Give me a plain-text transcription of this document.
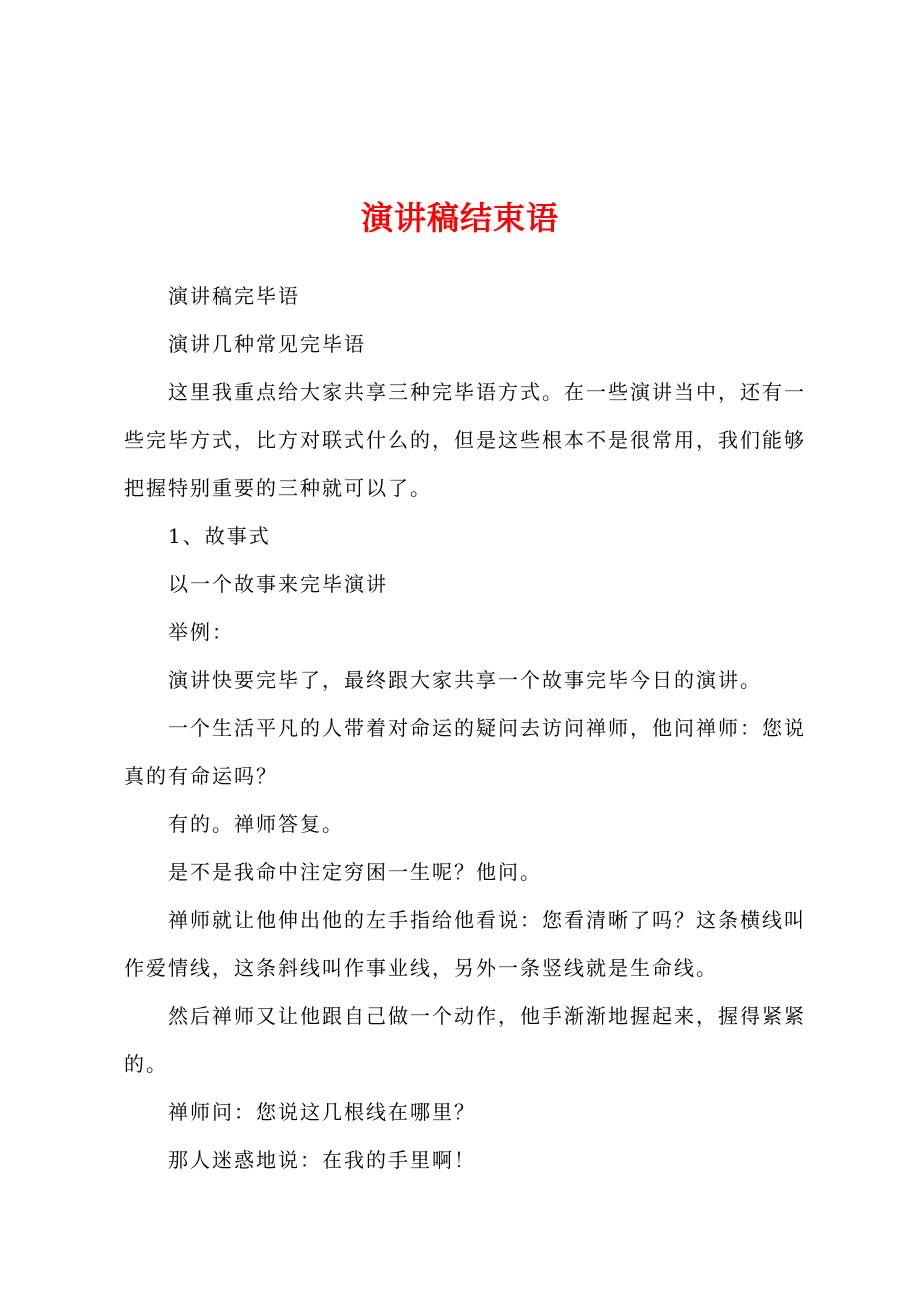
演讲稿结束语

演讲稿完毕语

演讲几种常见完毕语

这里我重点给大家共享三种完毕语方式。在一些演讲当中，还有一些完毕方式，比方对联式什么的，但是这些根本不是很常用，我们能够把握特别重要的三种就可以了。

1、故事式

以一个故事来完毕演讲

举例：

演讲快要完毕了，最终跟大家共享一个故事完毕今日的演讲。

一个生活平凡的人带着对命运的疑问去访问禅师，他问禅师：您说真的有命运吗？

有的。禅师答复。

是不是我命中注定穷困一生呢？他问。

禅师就让他伸出他的左手指给他看说：您看清晰了吗？这条横线叫作爱情线，这条斜线叫作事业线，另外一条竖线就是生命线。

然后禅师又让他跟自己做一个动作，他手渐渐地握起来，握得紧紧的。

禅师问：您说这几根线在哪里？

那人迷惑地说：在我的手里啊！
